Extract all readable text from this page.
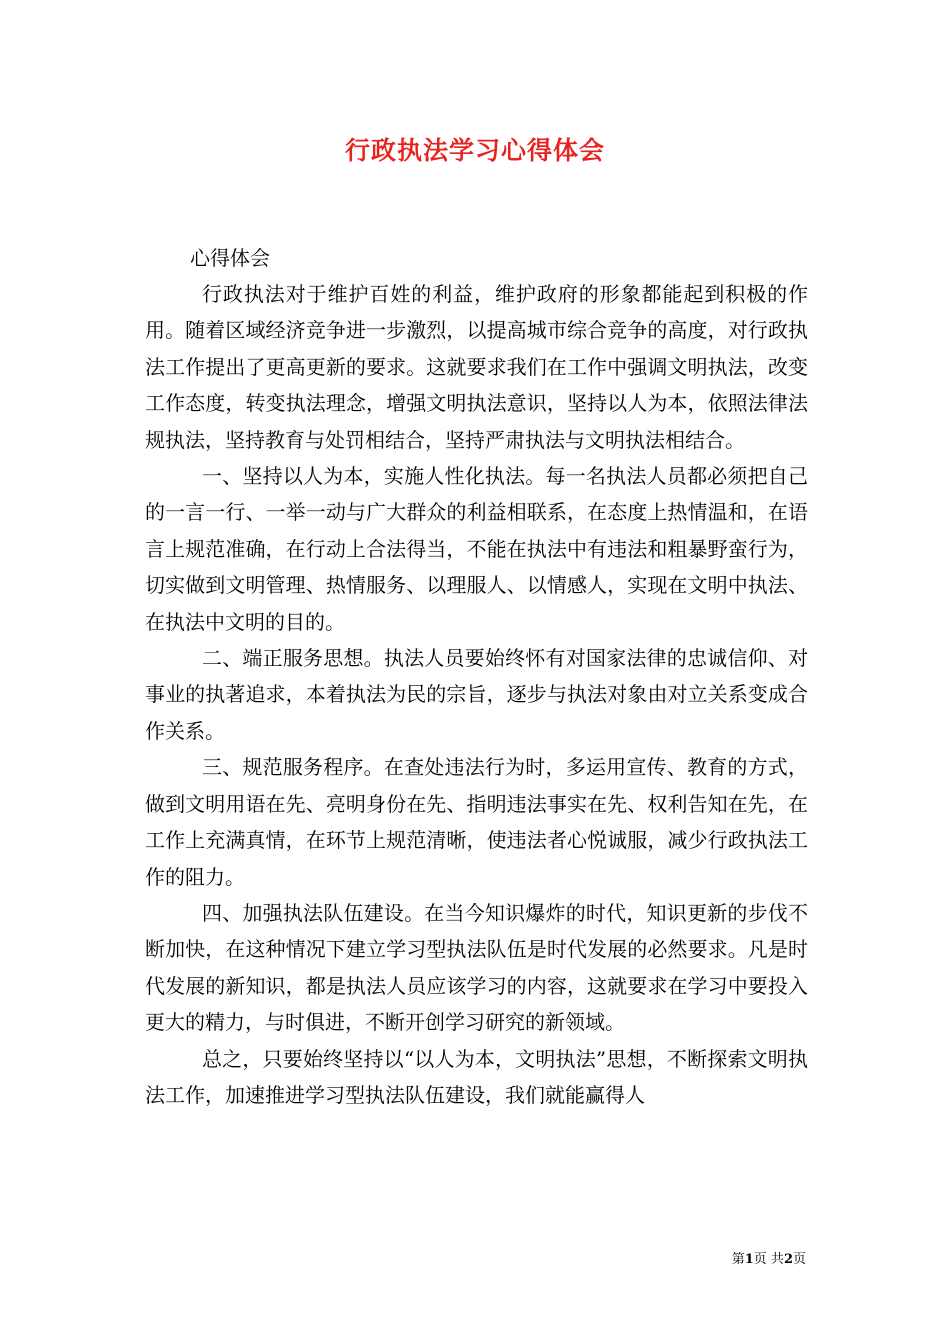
行政执法学习心得体会

心得体会

行政执法对于维护百姓的利益，维护政府的形象都能起到积极的作用。随着区域经济竞争进一步激烈，以提高城市综合竞争的高度，对行政执法工作提出了更高更新的要求。这就要求我们在工作中强调文明执法，改变工作态度，转变执法理念，增强文明执法意识，坚持以人为本，依照法律法规执法，坚持教育与处罚相结合，坚持严肃执法与文明执法相结合。

一、坚持以人为本，实施人性化执法。每一名执法人员都必须把自己的一言一行、一举一动与广大群众的利益相联系，在态度上热情温和，在语言上规范准确，在行动上合法得当，不能在执法中有违法和粗暴野蛮行为，切实做到文明管理、热情服务、以理服人、以情感人，实现在文明中执法、在执法中文明的目的。

二、端正服务思想。执法人员要始终怀有对国家法律的忠诚信仰、对事业的执著追求，本着执法为民的宗旨，逐步与执法对象由对立关系变成合作关系。

三、规范服务程序。在查处违法行为时，多运用宣传、教育的方式，做到文明用语在先、亮明身份在先、指明违法事实在先、权利告知在先，在工作上充满真情，在环节上规范清晰，使违法者心悦诚服，减少行政执法工作的阻力。

四、加强执法队伍建设。在当今知识爆炸的时代，知识更新的步伐不断加快，在这种情况下建立学习型执法队伍是时代发展的必然要求。凡是时代发展的新知识，都是执法人员应该学习的内容，这就要求在学习中要投入更大的精力，与时俱进，不断开创学习研究的新领域。

总之，只要始终坚持以“以人为本，文明执法”思想，不断探索文明执法工作，加速推进学习型执法队伍建设，我们就能赢得人

第1页 共2页
